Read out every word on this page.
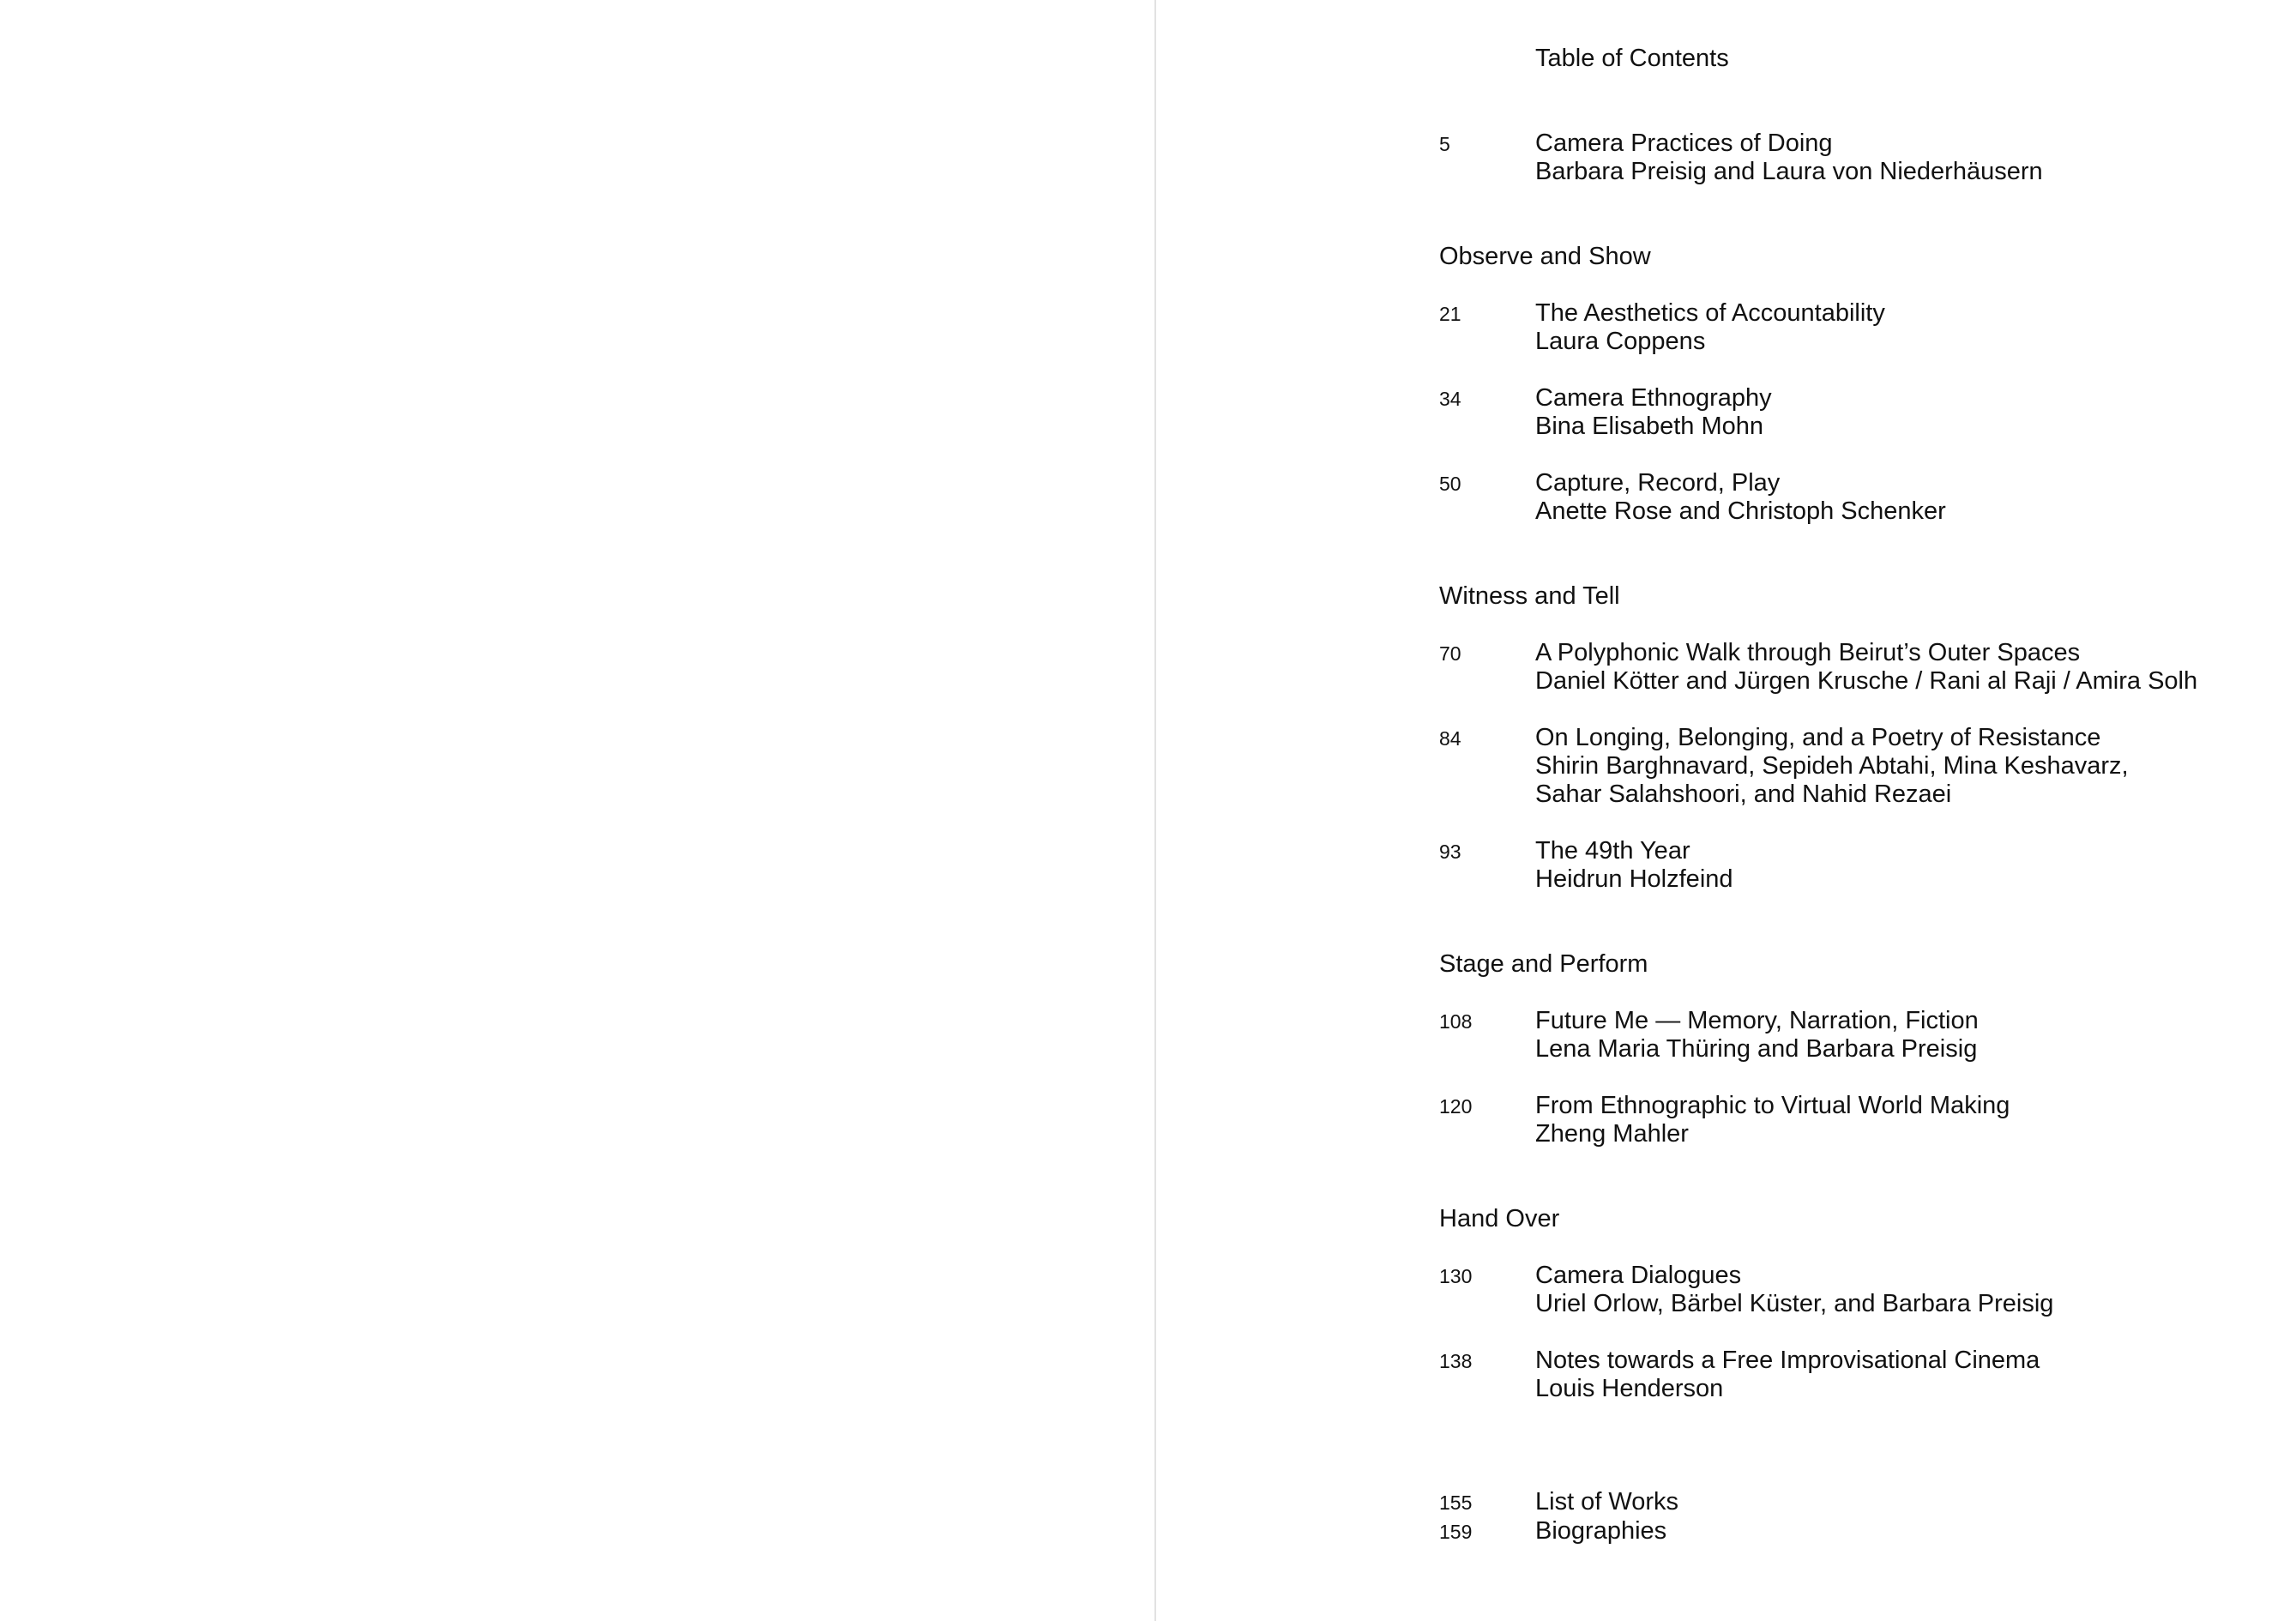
Table of Contents
5	Camera Practices of Doing
Barbara Preisig and Laura von Niederhäusern
Observe and Show
21	The Aesthetics of Accountability
Laura Coppens
34	Camera Ethnography
Bina Elisabeth Mohn
50	Capture, Record, Play
Anette Rose and Christoph Schenker
Witness and Tell
70	A Polyphonic Walk through Beirut’s Outer Spaces
Daniel Kötter and Jürgen Krusche / Rani al Raji / Amira Solh
84	On Longing, Belonging, and a Poetry of Resistance
Shirin Barghnavard, Sepideh Abtahi, Mina Keshavarz,
Sahar Salahshoori, and Nahid Rezaei
93	The 49th Year
Heidrun Holzfeind
Stage and Perform
108	Future Me — Memory, Narration, Fiction
Lena Maria Thüring and Barbara Preisig
120	From Ethnographic to Virtual World Making
Zheng Mahler
Hand Over
130	Camera Dialogues
Uriel Orlow, Bärbel Küster, and Barbara Preisig
138	Notes towards a Free Improvisational Cinema
Louis Henderson
155	List of Works
159	Biographies
